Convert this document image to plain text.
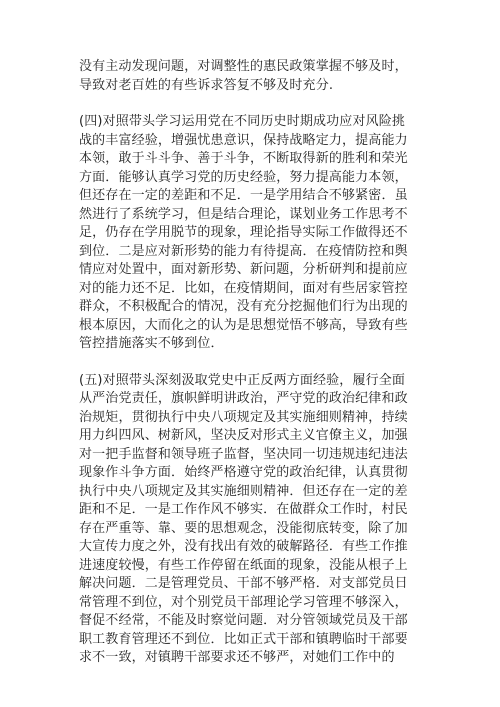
没有主动发现问题，对调整性的惠民政策掌握不够及时，
导致对老百姓的有些诉求答复不够及时充分.
(四)对照带头学习运用党在不同历史时期成功应对风险挑
战的丰富经验，增强忧患意识，保持战略定力，提高能力
本领，敢于斗斗争、善于斗争，不断取得新的胜利和荣光
方面．能够认真学习党的历史经验，努力提高能力本领，
但还存在一定的差距和不足．一是学用结合不够紧密．虽
然进行了系统学习，但是结合理论，谋划业务工作思考不
足，仍存在学用脱节的现象，理论指导实际工作做得还不
到位．二是应对新形势的能力有待提高．在疫情防控和舆
情应对处置中，面对新形势、新问题，分析研判和提前应
对的能力还不足．比如，在疫情期间，面对有些居家管控
群众，不积极配合的情况，没有充分挖掘他们行为出现的
根本原因，大而化之的认为是思想觉悟不够高，导致有些
管控措施落实不够到位．
(五)对照带头深刻汲取党史中正反两方面经验，履行全面
从严治党责任，旗帜鲜明讲政治，严守党的政治纪律和政
治规矩，贯彻执行中央八项规定及其实施细则精神，持续
用力纠四风、树新风，坚决反对形式主义官僚主义，加强
对一把手监督和领导班子监督，坚决同一切违规违纪违法
现象作斗争方面．始终严格遵守党的政治纪律，认真贯彻
执行中央八项规定及其实施细则精神．但还存在一定的差
距和不足．一是工作作风不够实．在做群众工作时，村民
存在严重等、靠、要的思想观念，没能彻底转变，除了加
大宣传力度之外，没有找出有效的破解路径．有些工作推
进速度较慢，有些工作停留在纸面的现象，没能从根子上
解决问题．二是管理党员、干部不够严格．对支部党员日
常管理不到位，对个别党员干部理论学习管理不够深入，
督促不经常，不能及时察觉问题．对分管领域党员及干部
职工教育管理还不到位．比如正式干部和镇聘临时干部要
求不一致，对镇聘干部要求还不够严，对她们工作中的
